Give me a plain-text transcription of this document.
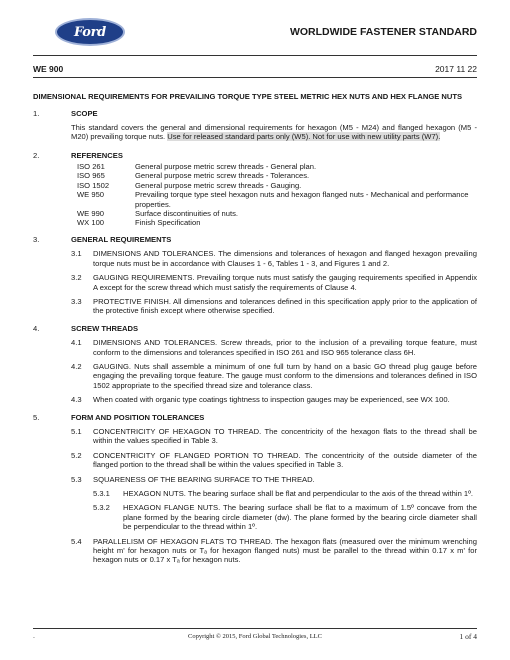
Ford	WORLDWIDE FASTENER STANDARD
WE 900	2017 11 22
DIMENSIONAL REQUIREMENTS FOR PREVAILING TORQUE TYPE STEEL METRIC HEX NUTS AND HEX FLANGE NUTS
1.	SCOPE
This standard covers the general and dimensional requirements for hexagon (M5 - M24) and flanged hexagon (M5 - M20) prevailing torque nuts. Use for released standard parts only (W5). Not for use with new utility parts (W7).
2.	REFERENCES
ISO 261	General purpose metric screw threads - General plan.
ISO 965	General purpose metric screw threads - Tolerances.
ISO 1502	General purpose metric screw threads - Gauging.
WE 950	Prevailing torque type steel hexagon nuts and hexagon flanged nuts - Mechanical and performance properties.
WE 990	Surface discontinuities of nuts.
WX 100	Finish Specification
3.	GENERAL REQUIREMENTS
3.1	DIMENSIONS AND TOLERANCES. The dimensions and tolerances of hexagon and flanged hexagon prevailing torque nuts must be in accordance with Clauses 1 - 6, Tables 1 - 3, and Figures 1 and 2.
3.2	GAUGING REQUIREMENTS. Prevailing torque nuts must satisfy the gauging requirements specified in Appendix A except for the screw thread which must satisfy the requirements of Clause 4.
3.3	PROTECTIVE FINISH. All dimensions and tolerances defined in this specification apply prior to the application of the protective finish except where otherwise specified.
4.	SCREW THREADS
4.1	DIMENSIONS AND TOLERANCES. Screw threads, prior to the inclusion of a prevailing torque feature, must conform to the dimensions and tolerances specified in ISO 261 and ISO 965 tolerance class 6H.
4.2	GAUGING. Nuts shall assemble a minimum of one full turn by hand on a basic GO thread plug gauge before engaging the prevailing torque feature. The gauge must conform to the dimensions and tolerances defined in ISO 1502 appropriate to the specified thread size and tolerance class.
4.3	When coated with organic type coatings tightness to inspection gauges may be experienced, see WX 100.
5.	FORM AND POSITION TOLERANCES
5.1	CONCENTRICITY OF HEXAGON TO THREAD. The concentricity of the hexagon flats to the thread shall be within the values specified in Table 3.
5.2	CONCENTRICITY OF FLANGED PORTION TO THREAD. The concentricity of the outside diameter of the flanged portion to the thread shall be within the values specified in Table 3.
5.3	SQUARENESS OF THE BEARING SURFACE TO THE THREAD.
5.3.1	HEXAGON NUTS. The bearing surface shall be flat and perpendicular to the axis of the thread within 1º.
5.3.2	HEXAGON FLANGE NUTS. The bearing surface shall be flat to a maximum of 1.5º concave from the plane formed by the bearing circle diameter (dw). The plane formed by the bearing circle diameter shall be perpendicular to the thread within 1º.
5.4	PARALLELISM OF HEXAGON FLATS TO THREAD. The hexagon flats (measured over the minimum wrenching height m' for hexagon nuts or Tₐ for hexagon flanged nuts) must be parallel to the thread within 0.17 x m' for hexagon nuts or 0.17 x Tₐ for hexagon nuts.
.	Copyright © 2015, Ford Global Technologies, LLC	1 of 4
